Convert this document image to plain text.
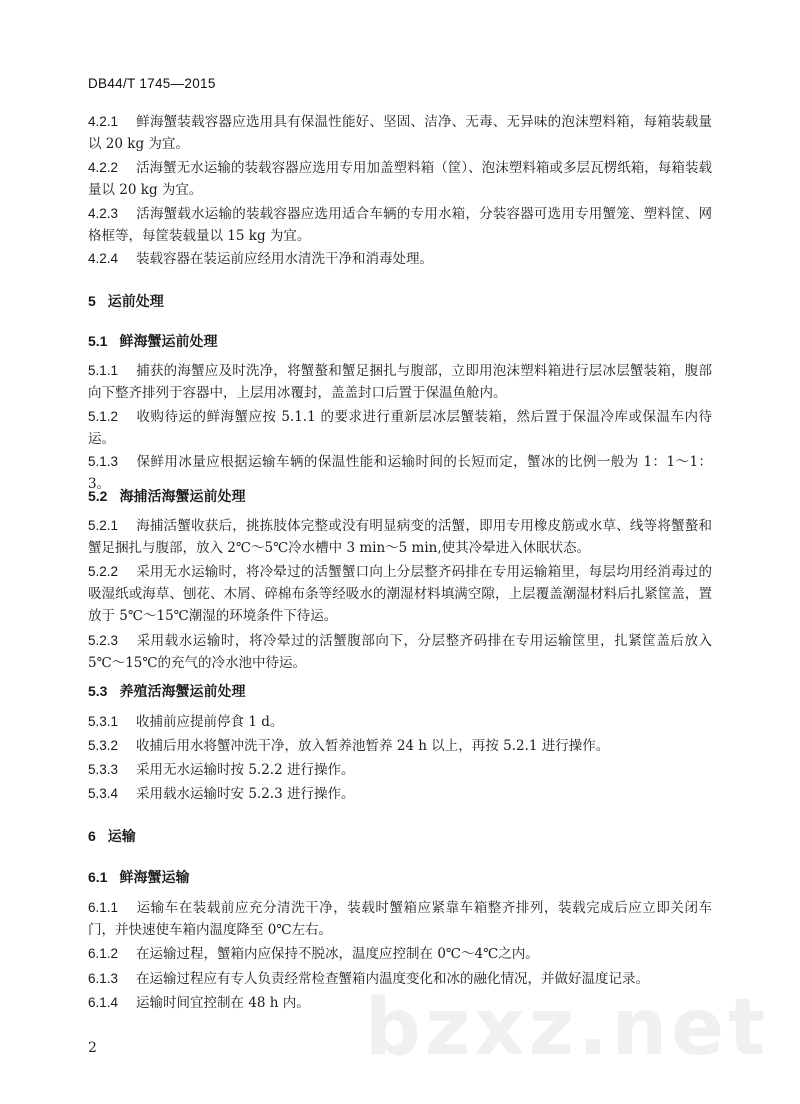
DB44/T 1745—2015
4.2.1 鲜海蟹装载容器应选用具有保温性能好、坚固、洁净、无毒、无异味的泡沫塑料箱，每箱装载量以 20 kg 为宜。
4.2.2 活海蟹无水运输的装载容器应选用专用加盖塑料箱（筐）、泡沫塑料箱或多层瓦楞纸箱，每箱装载量以 20 kg 为宜。
4.2.3 活海蟹载水运输的装载容器应选用适合车辆的专用水箱，分装容器可选用专用蟹笼、塑料筐、网格框等，每筐装载量以 15 kg 为宜。
4.2.4 装载容器在装运前应经用水清洗干净和消毒处理。
5 运前处理
5.1 鲜海蟹运前处理
5.1.1 捕获的海蟹应及时洗净，将蟹螯和蟹足捆扎与腹部，立即用泡沫塑料箱进行层冰层蟹装箱，腹部向下整齐排列于容器中，上层用冰覆封，盖盖封口后置于保温鱼舱内。
5.1.2 收购待运的鲜海蟹应按 5.1.1 的要求进行重新层冰层蟹装箱，然后置于保温冷库或保温车内待运。
5.1.3 保鲜用冰量应根据运输车辆的保温性能和运输时间的长短而定，蟹冰的比例一般为 1：1～1：3。
5.2 海捕活海蟹运前处理
5.2.1 海捕活蟹收获后，挑拣肢体完整或没有明显病变的活蟹，即用专用橡皮筋或水草、线等将蟹螯和蟹足捆扎与腹部，放入 2℃～5℃冷水槽中 3 min～5 min,使其冷晕进入休眠状态。
5.2.2 采用无水运输时，将冷晕过的活蟹蟹口向上分层整齐码排在专用运输箱里，每层均用经消毒过的吸湿纸或海草、刨花、木屑、碎棉布条等经吸水的潮湿材料填满空隙，上层覆盖潮湿材料后扎紧筐盖，置放于 5℃～15℃潮湿的环境条件下待运。
5.2.3 采用载水运输时，将冷晕过的活蟹腹部向下，分层整齐码排在专用运输筐里，扎紧筐盖后放入 5℃～15℃的充气的冷水池中待运。
5.3 养殖活海蟹运前处理
5.3.1 收捕前应提前停食 1 d。
5.3.2 收捕后用水将蟹冲洗干净，放入暂养池暂养 24 h 以上，再按 5.2.1 进行操作。
5.3.3 采用无水运输时按 5.2.2 进行操作。
5.3.4 采用载水运输时安 5.2.3 进行操作。
6 运输
6.1 鲜海蟹运输
6.1.1 运输车在装载前应充分清洗干净，装载时蟹箱应紧靠车箱整齐排列，装载完成后应立即关闭车门，并快速使车箱内温度降至 0℃左右。
6.1.2 在运输过程，蟹箱内应保持不脱冰，温度应控制在 0℃～4℃之内。
6.1.3 在运输过程应有专人负责经常检查蟹箱内温度变化和冰的融化情况，并做好温度记录。
6.1.4 运输时间宜控制在 48 h 内。 bzxz.net
2
